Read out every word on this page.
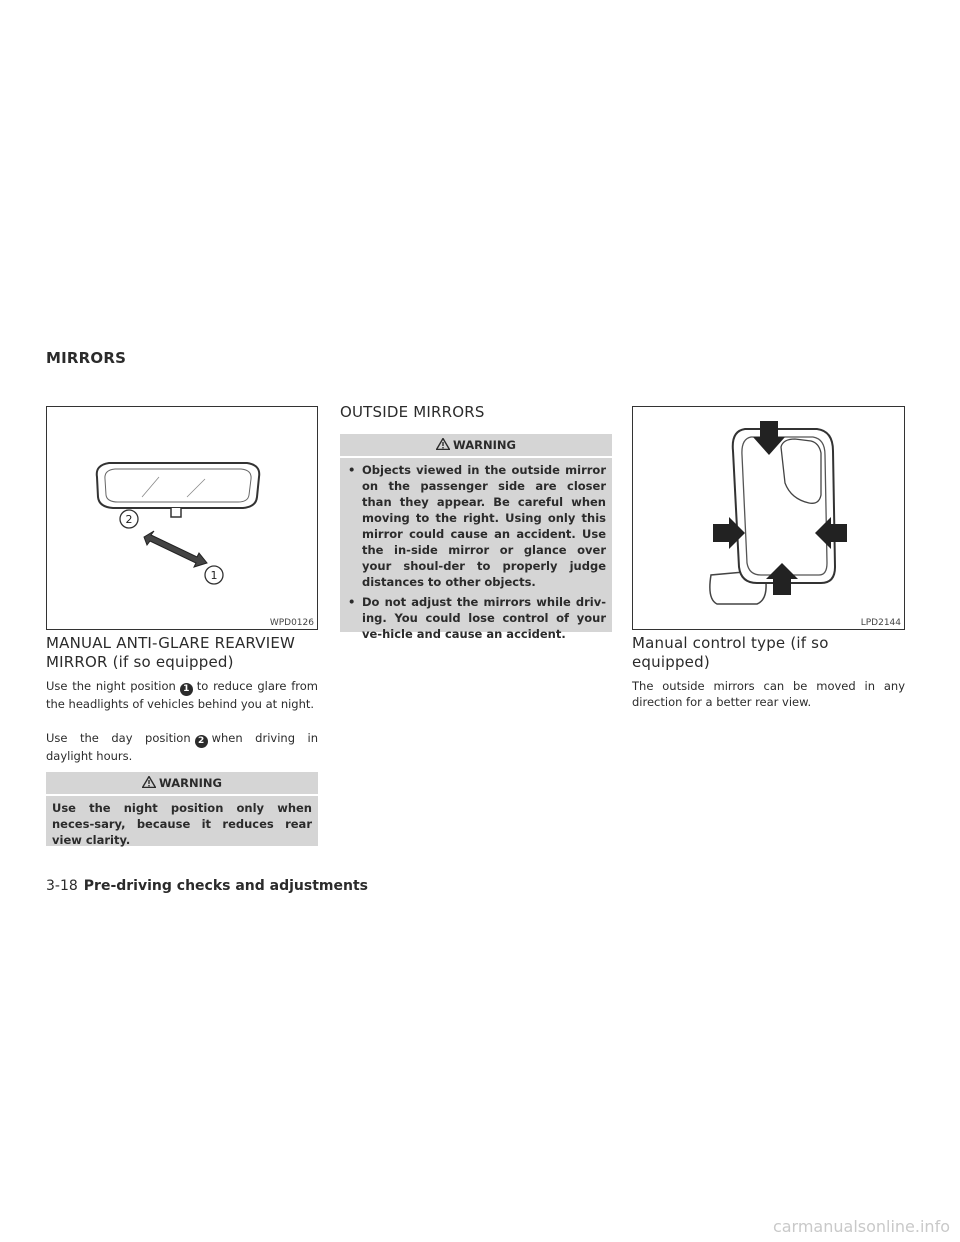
MIRRORS
2
1
WPD0126	LPD2144
MANUAL ANTI-GLARE REARVIEW
MIRROR (if so equipped)
Use the night position 1 to reduce glare from the headlights of vehicles behind you at night.
Use the day position 2 when driving in daylight hours.
WARNING
Use the night position only when neces-sary, because it reduces rear view clarity.
OUTSIDE MIRRORS
WARNING
• Objects viewed in the outside mirror on the passenger side are closer than they appear. Be careful when moving to the right. Using only this mirror could cause an accident. Use the in-side mirror or glance over your shoul-der to properly judge distances to other objects.
• Do not adjust the mirrors while driv-ing. You could lose control of your ve-hicle and cause an accident.	Manual control type (if so
equipped)
The outside mirrors can be moved in any direction for a better rear view.
3-18 Pre-driving checks and adjustments
carmanualsonline.info
